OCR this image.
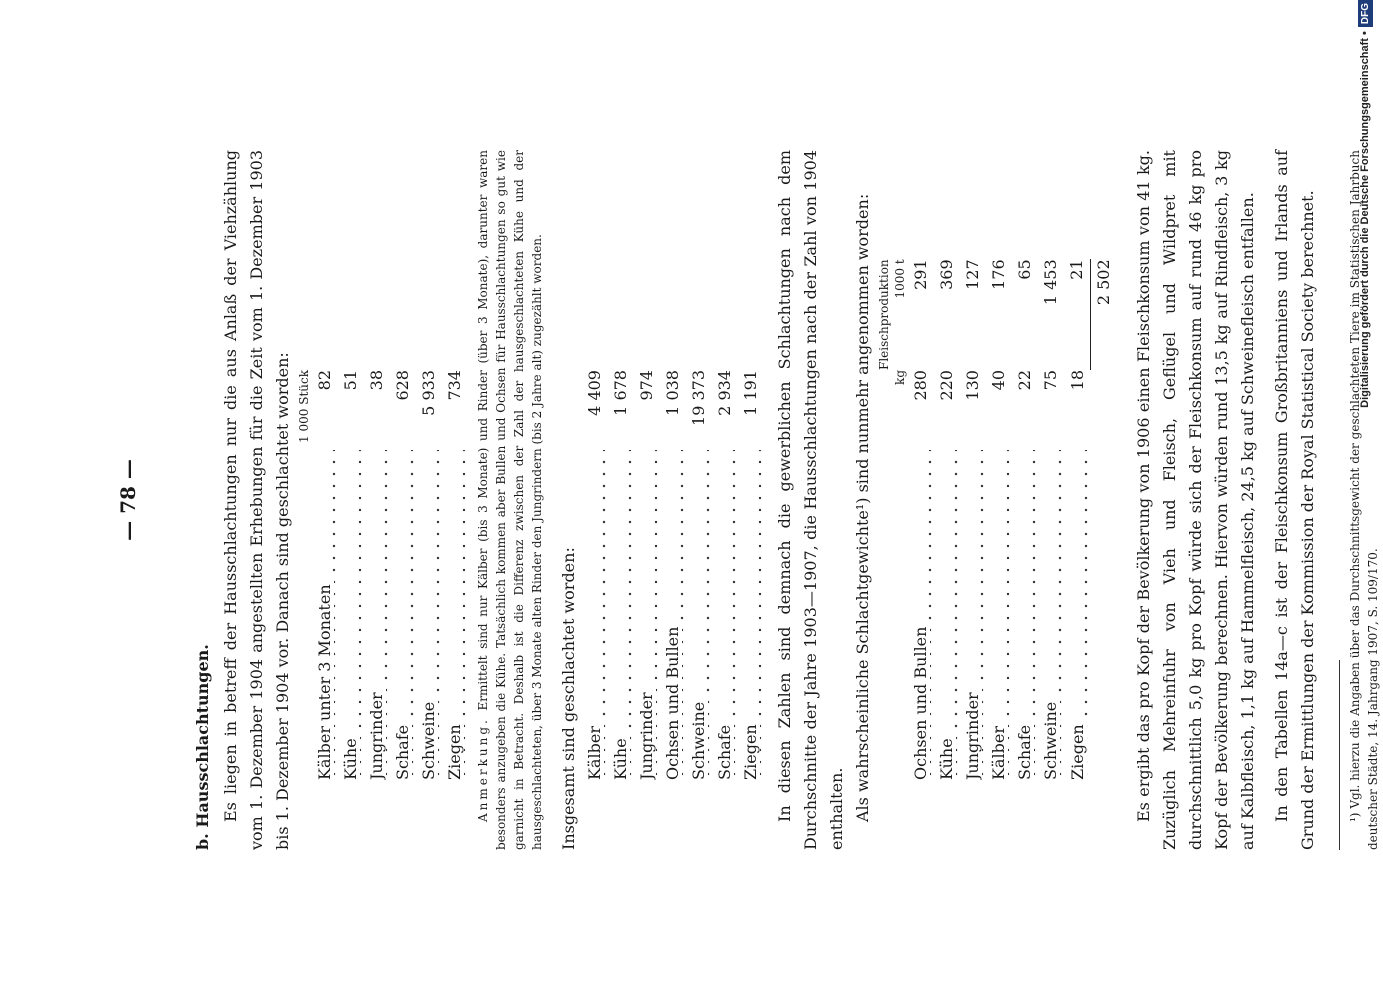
— 78 —

b. Hausschlachtungen. Es liegen in betreff der Hausschlachtungen nur die aus Anlaß der Viehzählung vom 1. Dezember 1904 angestellten Erhebungen für die Zeit vom 1. Dezember 1903 bis 1. Dezember 1904 vor. Danach sind geschlachtet worden: 1 000 Stück	
Kälber unter 3 Monaten	82
Kühe	51
Jungrinder	38
Schafe	628
Schweine	5 933
Ziegen	734

Anmerkung. Ermittelt sind nur Kälber (bis 3 Monate) und Rinder (über 3 Monate), darunter waren besonders anzugeben die Kühe. Tatsächlich kommen aber Bullen und Ochsen für Hausschlachtungen so gut wie garnicht in Betracht. Deshalb ist die Differenz zwischen der Zahl der hausgeschlachteten Kühe und der hausgeschlachteten, über 3 Monate alten Rinder den Jungrindern (bis 2 Jahre alt) zugezählt worden. Insgesamt sind geschlachtet worden: Kälber	4 409
Kühe	1 678
Jungrinder	974
Ochsen und Bullen	1 038
Schweine	19 373
Schafe	2 934
Ziegen	1 191 In diesen Zahlen sind demnach die gewerblichen Schlachtungen nach dem Durchschnitte der Jahre 1903—1907, die Hausschlachtungen nach der Zahl von 1904 enthalten. Als wahrscheinliche Schlachtgewichte¹) sind nunmehr angenommen worden:

		Fleischproduktion
	kg	1000 t
Ochsen und Bullen	280	291
Kühe	220	369
Jungrinder	130	127
Kälber	40	176
Schafe	22	65
Schweine	75	1 453
Ziegen	18	21
		2 502 Es ergibt das pro Kopf der Bevölkerung von 1906 einen Fleischkonsum von 41 kg. Zuzüglich Mehreinfuhr von Vieh und Fleisch, Geflügel und Wildpret mit durchschnittlich 5,0 kg pro Kopf würde sich der Fleischkonsum auf rund 46 kg pro Kopf der Bevölkerung berechnen. Hiervon würden rund 13,5 kg auf Rindfleisch, 3 kg auf Kalbfleisch, 1,1 kg auf Hammelfleisch, 24,5 kg auf Schweinefleisch entfallen. In den Tabellen 14a—c ist der Fleischkonsum Großbritanniens und Irlands auf Grund der Ermittlungen der Kommission der Royal Statistical Society berechnet.	¹) Vgl. hierzu die Angaben über das Durchschnittsgewicht der geschlachteten Tiere im Statistischen Jahrbuch deutscher Städte, 14. Jahrgang 1907, S. 109/170.

Digitalisierung gefördert durch die Deutsche Forschungsgemeinschaft •DFG
